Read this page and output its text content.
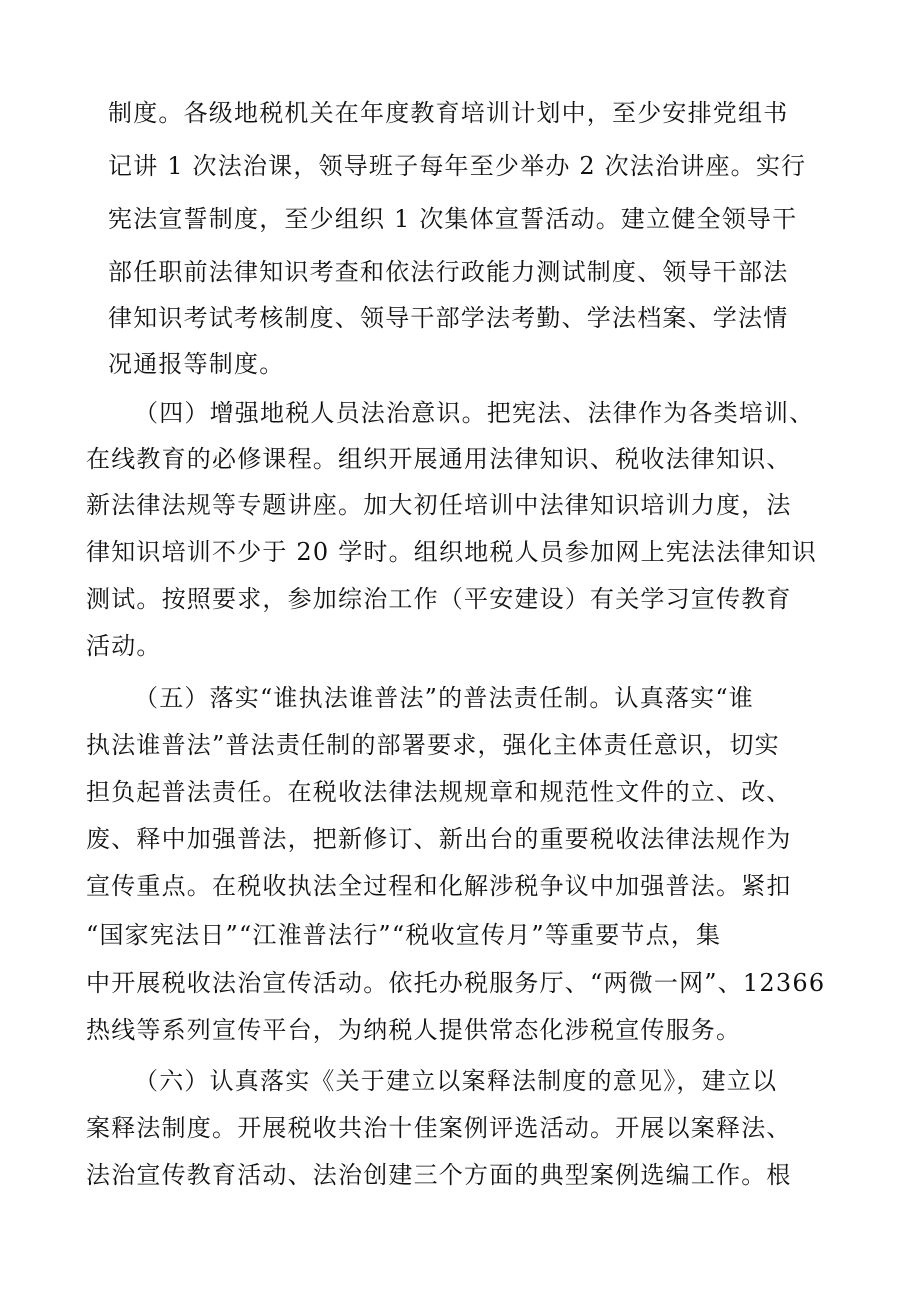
制度。各级地税机关在年度教育培训计划中，至少安排党组书
记讲 1 次法治课，领导班子每年至少举办 2 次法治讲座。实行
宪法宣誓制度，至少组织 1 次集体宣誓活动。建立健全领导干
部任职前法律知识考查和依法行政能力测试制度、领导干部法
律知识考试考核制度、领导干部学法考勤、学法档案、学法情
况通报等制度。
（四）增强地税人员法治意识。把宪法、法律作为各类培训、
在线教育的必修课程。组织开展通用法律知识、税收法律知识、
新法律法规等专题讲座。加大初任培训中法律知识培训力度，法
律知识培训不少于 20 学时。组织地税人员参加网上宪法法律知识
测试。按照要求，参加综治工作（平安建设）有关学习宣传教育
活动。
（五）落实“谁执法谁普法”的普法责任制。认真落实“谁
执法谁普法”普法责任制的部署要求，强化主体责任意识，切实
担负起普法责任。在税收法律法规规章和规范性文件的立、改、
废、释中加强普法，把新修订、新出台的重要税收法律法规作为
宣传重点。在税收执法全过程和化解涉税争议中加强普法。紧扣
“国家宪法日”“江淮普法行”“税收宣传月”等重要节点，集
中开展税收法治宣传活动。依托办税服务厅、“两微一网”、12366
热线等系列宣传平台，为纳税人提供常态化涉税宣传服务。
（六）认真落实《关于建立以案释法制度的意见》，建立以
案释法制度。开展税收共治十佳案例评选活动。开展以案释法、
法治宣传教育活动、法治创建三个方面的典型案例选编工作。根
